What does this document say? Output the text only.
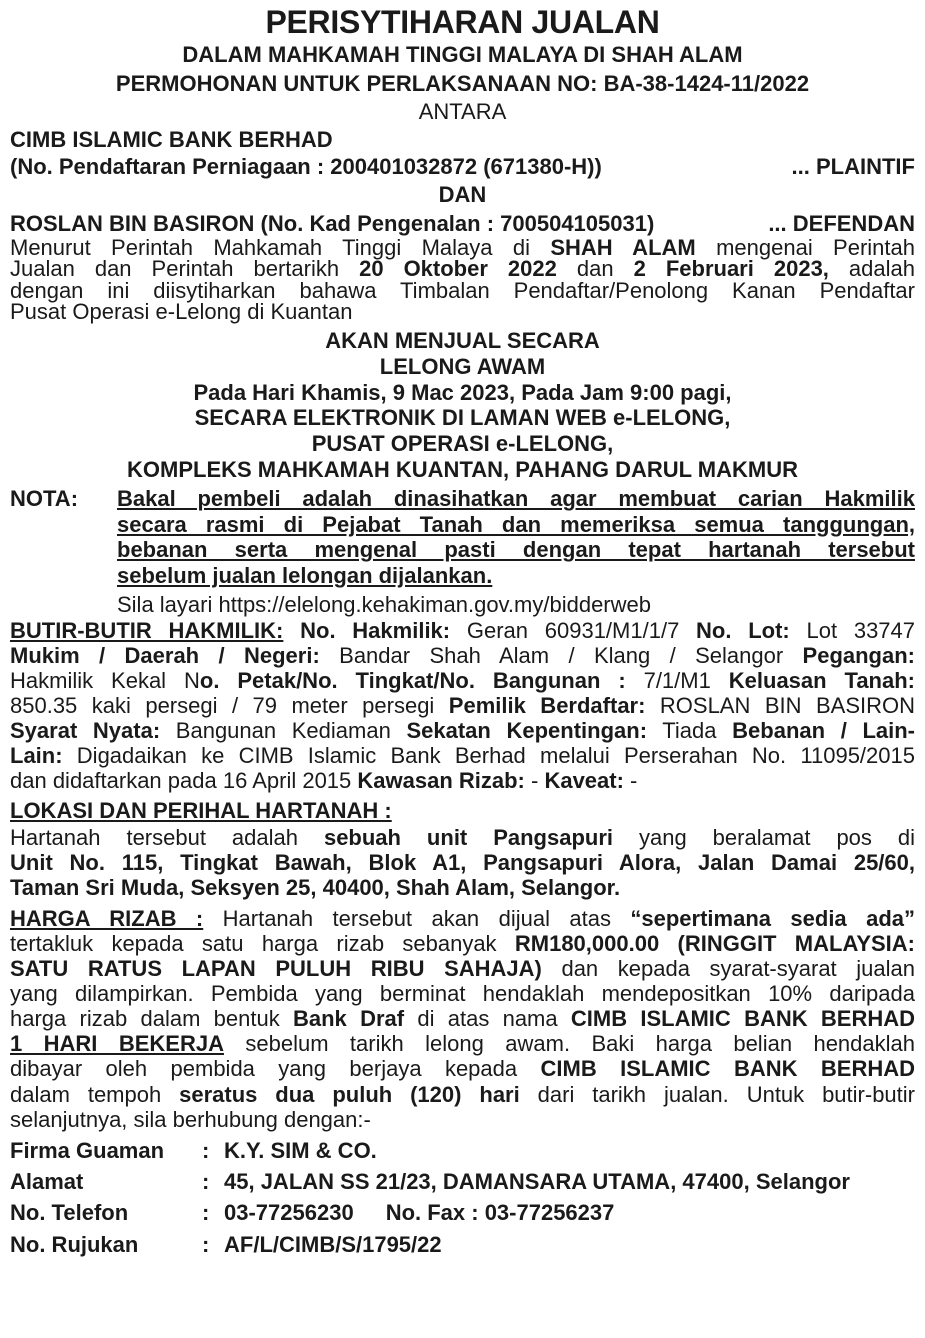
PERISYTIHARAN JUALAN
DALAM MAHKAMAH TINGGI MALAYA DI SHAH ALAM
PERMOHONAN UNTUK PERLAKSANAAN NO: BA-38-1424-11/2022
ANTARA
CIMB ISLAMIC BANK BERHAD
(No. Pendaftaran Perniagaan : 200401032872 (671380-H))	... PLAINTIF
DAN
ROSLAN BIN BASIRON (No. Kad Pengenalan : 700504105031)	... DEFENDAN
Menurut Perintah Mahkamah Tinggi Malaya di SHAH ALAM mengenai Perintah
Jualan dan Perintah bertarikh 20 Oktober 2022 dan 2 Februari 2023, adalah
dengan ini diisytiharkan bahawa Timbalan Pendaftar/Penolong Kanan Pendaftar
Pusat Operasi e-Lelong di Kuantan
AKAN MENJUAL SECARA
LELONG AWAM
Pada Hari Khamis, 9 Mac 2023, Pada Jam 9:00 pagi,
SECARA ELEKTRONIK DI LAMAN WEB e-LELONG,
PUSAT OPERASI e-LELONG,
KOMPLEKS MAHKAMAH KUANTAN, PAHANG DARUL MAKMUR
NOTA:	Bakal pembeli adalah dinasihatkan agar membuat carian Hakmilik
secara rasmi di Pejabat Tanah dan memeriksa semua tanggungan,
bebanan serta mengenal pasti dengan tepat hartanah tersebut
sebelum jualan lelongan dijalankan.
Sila layari https://elelong.kehakiman.gov.my/bidderweb
BUTIR-BUTIR HAKMILIK: No. Hakmilik: Geran 60931/M1/1/7 No. Lot: Lot 33747
Mukim / Daerah / Negeri: Bandar Shah Alam / Klang / Selangor Pegangan:
Hakmilik Kekal No. Petak/No. Tingkat/No. Bangunan : 7/1/M1 Keluasan Tanah:
850.35 kaki persegi / 79 meter persegi Pemilik Berdaftar: ROSLAN BIN BASIRON
Syarat Nyata: Bangunan Kediaman Sekatan Kepentingan: Tiada Bebanan / Lain-
Lain: Digadaikan ke CIMB Islamic Bank Berhad melalui Perserahan No. 11095/2015
dan didaftarkan pada 16 April 2015 Kawasan Rizab: - Kaveat: -
LOKASI DAN PERIHAL HARTANAH :
Hartanah tersebut adalah sebuah unit Pangsapuri yang beralamat pos di
Unit No. 115, Tingkat Bawah, Blok A1, Pangsapuri Alora, Jalan Damai 25/60,
Taman Sri Muda, Seksyen 25, 40400, Shah Alam, Selangor.
HARGA RIZAB : Hartanah tersebut akan dijual atas “sepertimana sedia ada”
tertakluk kepada satu harga rizab sebanyak RM180,000.00 (RINGGIT MALAYSIA:
SATU RATUS LAPAN PULUH RIBU SAHAJA) dan kepada syarat-syarat jualan
yang dilampirkan. Pembida yang berminat hendaklah mendepositkan 10% daripada
harga rizab dalam bentuk Bank Draf di atas nama CIMB ISLAMIC BANK BERHAD
1 HARI BEKERJA sebelum tarikh lelong awam. Baki harga belian hendaklah
dibayar oleh pembida yang berjaya kepada CIMB ISLAMIC BANK BERHAD
dalam tempoh seratus dua puluh (120) hari dari tarikh jualan. Untuk butir-butir
selanjutnya, sila berhubung dengan:-
Firma Guaman	: K.Y. SIM & CO.
Alamat	: 45, JALAN SS 21/23, DAMANSARA UTAMA, 47400, Selangor
No. Telefon	: 03-77256230 No. Fax : 03-77256237
No. Rujukan	: AF/L/CIMB/S/1795/22
